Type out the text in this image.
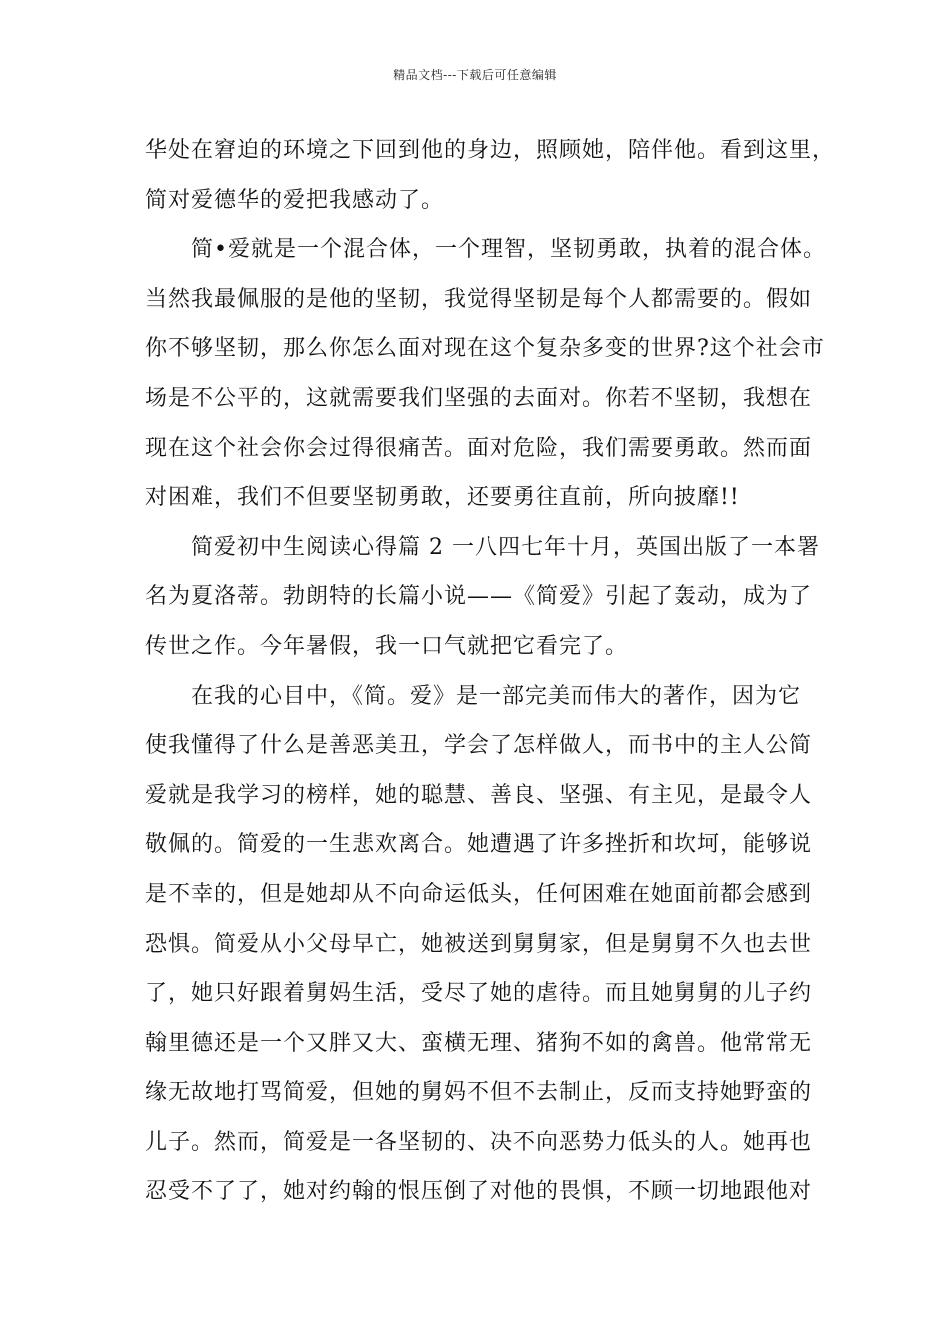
精品文档---下载后可任意编辑
华处在窘迫的环境之下回到他的身边，照顾她，陪伴他。看到这里，
简对爱德华的爱把我感动了。
　　简•爱就是一个混合体，一个理智，坚韧勇敢，执着的混合体。
当然我最佩服的是他的坚韧，我觉得坚韧是每个人都需要的。假如
你不够坚韧，那么你怎么面对现在这个复杂多变的世界?这个社会市
场是不公平的，这就需要我们坚强的去面对。你若不坚韧，我想在
现在这个社会你会过得很痛苦。面对危险，我们需要勇敢。然而面
对困难，我们不但要坚韧勇敢，还要勇往直前，所向披靡!!
　　简爱初中生阅读心得篇 2 一八四七年十月，英国出版了一本署
名为夏洛蒂。勃朗特的长篇小说——《简爱》引起了轰动，成为了
传世之作。今年暑假，我一口气就把它看完了。
　　在我的心目中，《简。爱》是一部完美而伟大的著作，因为它
使我懂得了什么是善恶美丑，学会了怎样做人，而书中的主人公简
爱就是我学习的榜样，她的聪慧、善良、坚强、有主见，是最令人
敬佩的。简爱的一生悲欢离合。她遭遇了许多挫折和坎坷，能够说
是不幸的，但是她却从不向命运低头，任何困难在她面前都会感到
恐惧。简爱从小父母早亡，她被送到舅舅家，但是舅舅不久也去世
了，她只好跟着舅妈生活，受尽了她的虐待。而且她舅舅的儿子约
翰里德还是一个又胖又大、蛮横无理、猪狗不如的禽兽。他常常无
缘无故地打骂简爱，但她的舅妈不但不去制止，反而支持她野蛮的
儿子。然而，简爱是一各坚韧的、决不向恶势力低头的人。她再也
忍受不了了，她对约翰的恨压倒了对他的畏惧，不顾一切地跟他对
